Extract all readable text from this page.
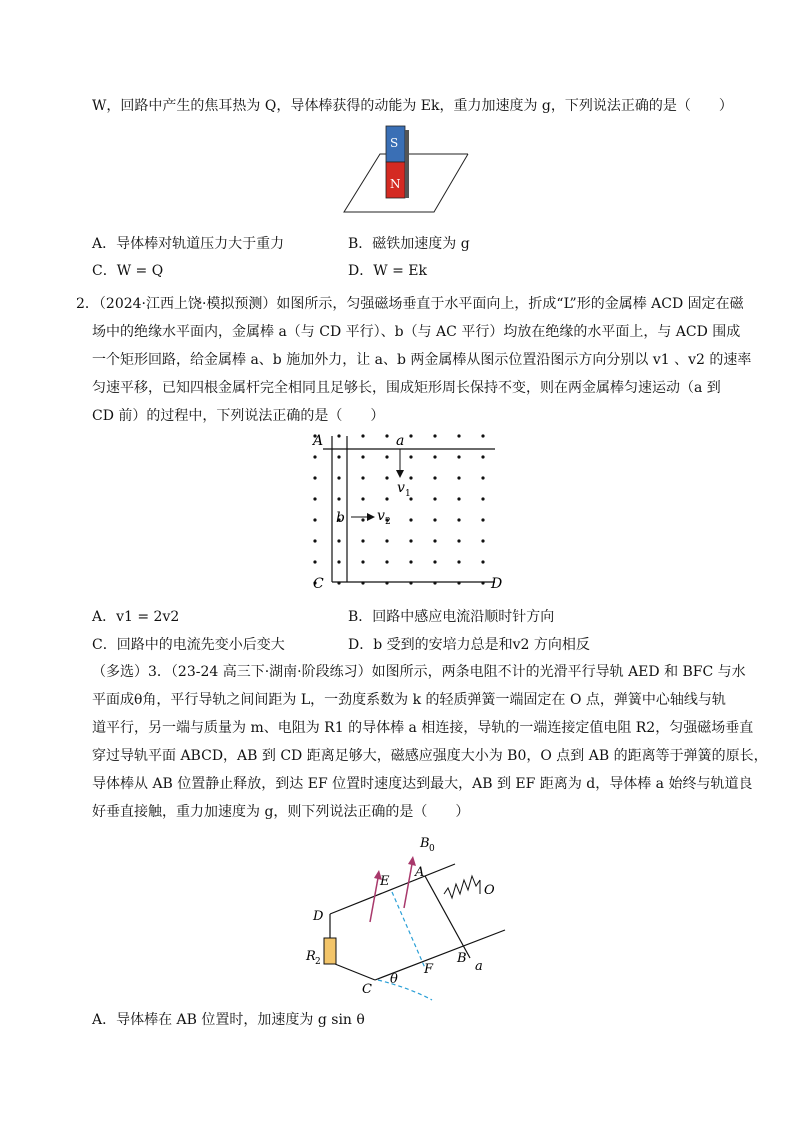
W，回路中产生的焦耳热为 Q，导体棒获得的动能为 Ek，重力加速度为 g，下列说法正确的是（　　）
S
N
A．导体棒对轨道压力大于重力	B．磁铁加速度为 g
C．W = Q	D．W = Ek
2．（2024·江西上饶·模拟预测）如图所示，匀强磁场垂直于水平面向上，折成“L”形的金属棒 ACD 固定在磁
场中的绝缘水平面内，金属棒 a（与 CD 平行）、b（与 AC 平行）均放在绝缘的水平面上，与 ACD 围成
一个矩形回路，给金属棒 a、b 施加外力，让 a、b 两金属棒从图示位置沿图示方向分别以 v1 、v2 的速率
匀速平移，已知四根金属杆完全相同且足够长，围成矩形周长保持不变，则在两金属棒匀速运动（a 到
CD 前）的过程中，下列说法正确的是（　　）
A
C	D
a
b
v 1
v 2
A．v1 = 2v2	B．回路中感应电流沿顺时针方向
C．回路中的电流先变小后变大	D．b 受到的安培力总是和v2 方向相反
（多选）3．（23-24 高三下·湖南·阶段练习）如图所示，两条电阻不计的光滑平行导轨 AED 和 BFC 与水
平面成θ角，平行导轨之间间距为 L，一劲度系数为 k 的轻质弹簧一端固定在 O 点，弹簧中心轴线与轨
道平行，另一端与质量为 m、电阻为 R1 的导体棒 a 相连接，导轨的一端连接定值电阻 R2，匀强磁场垂直
穿过导轨平面 ABCD，AB 到 CD 距离足够大，磁感应强度大小为 B0，O 点到 AB 的距离等于弹簧的原长，
导体棒从 AB 位置静止释放，到达 EF 位置时速度达到最大，AB 到 EF 距离为 d，导体棒 a 始终与轨道良
好垂直接触，重力加速度为 g，则下列说法正确的是（　　）
B 0
A
E
O
D
R 2	F
B
a
θ
C
A．导体棒在 AB 位置时，加速度为 g sin θ
